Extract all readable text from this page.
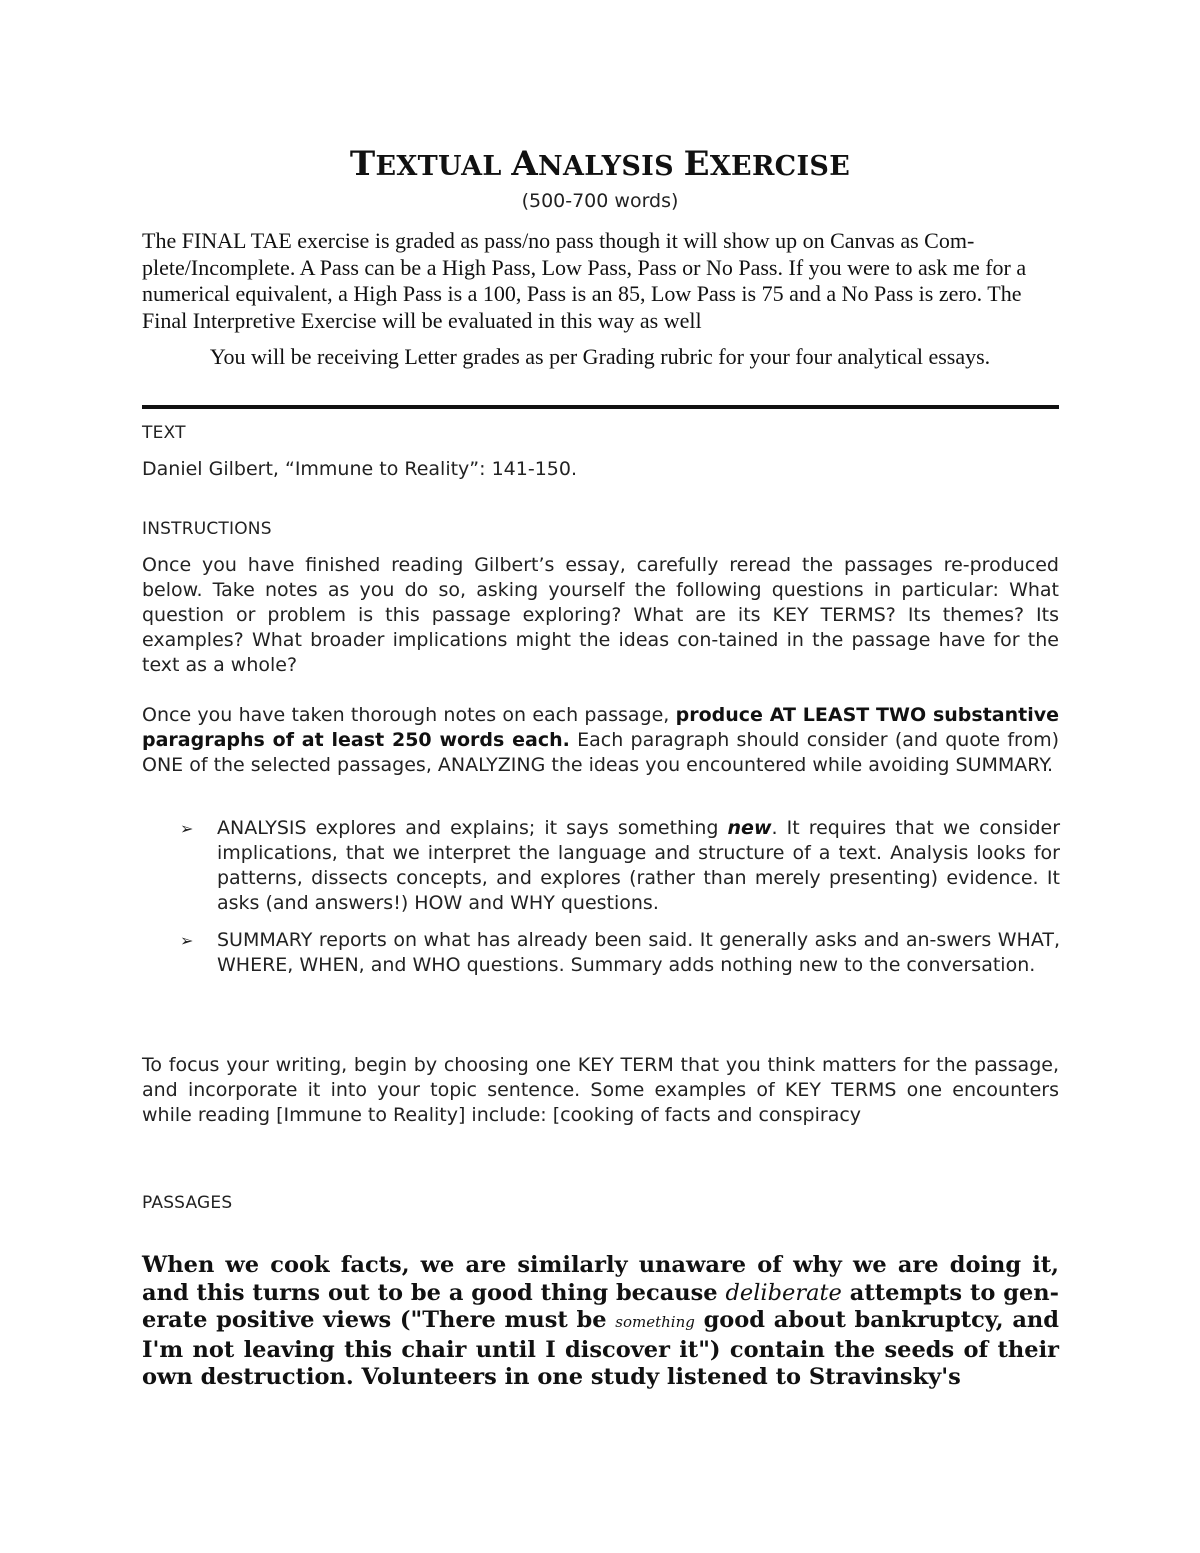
TEXTUAL ANALYSIS EXERCISE
(500-700 words)
The FINAL TAE exercise is graded as pass/no pass though it will show up on Canvas as Com-plete/Incomplete. A Pass can be a High Pass, Low Pass, Pass or No Pass. If you were to ask me for a numerical equivalent, a High Pass is a 100, Pass is an 85, Low Pass is 75 and a No Pass is zero. The Final Interpretive Exercise will be evaluated in this way as well
You will be receiving Letter grades as per Grading rubric for your four analytical essays.
TEXT
Daniel Gilbert, “Immune to Reality”: 141-150.
INSTRUCTIONS
Once you have finished reading Gilbert’s essay, carefully reread the passages re-produced below. Take notes as you do so, asking yourself the following questions in particular: What question or problem is this passage exploring? What are its KEY TERMS? Its themes? Its examples? What broader implications might the ideas con-tained in the passage have for the text as a whole?
Once you have taken thorough notes on each passage, produce AT LEAST TWO substantive paragraphs of at least 250 words each. Each paragraph should consider (and quote from) ONE of the selected passages, ANALYZING the ideas you encountered while avoiding SUMMARY.
➢ ANALYSIS explores and explains; it says something new. It requires that we consider implications, that we interpret the language and structure of a text. Analysis looks for patterns, dissects concepts, and explores (rather than merely presenting) evidence. It asks (and answers!) HOW and WHY questions.
➢ SUMMARY reports on what has already been said. It generally asks and an-swers WHAT, WHERE, WHEN, and WHO questions. Summary adds nothing new to the conversation.
To focus your writing, begin by choosing one KEY TERM that you think matters for the passage, and incorporate it into your topic sentence. Some examples of KEY TERMS one encounters while reading [Immune to Reality] include: [cooking of facts and conspiracy
PASSAGES
When we cook facts, we are similarly unaware of why we are doing it, and this turns out to be a good thing because deliberate attempts to gen-erate positive views ("There must be something good about bankruptcy, and I'm not leaving this chair until I discover it") contain the seeds of their own destruction. Volunteers in one study listened to Stravinsky's
